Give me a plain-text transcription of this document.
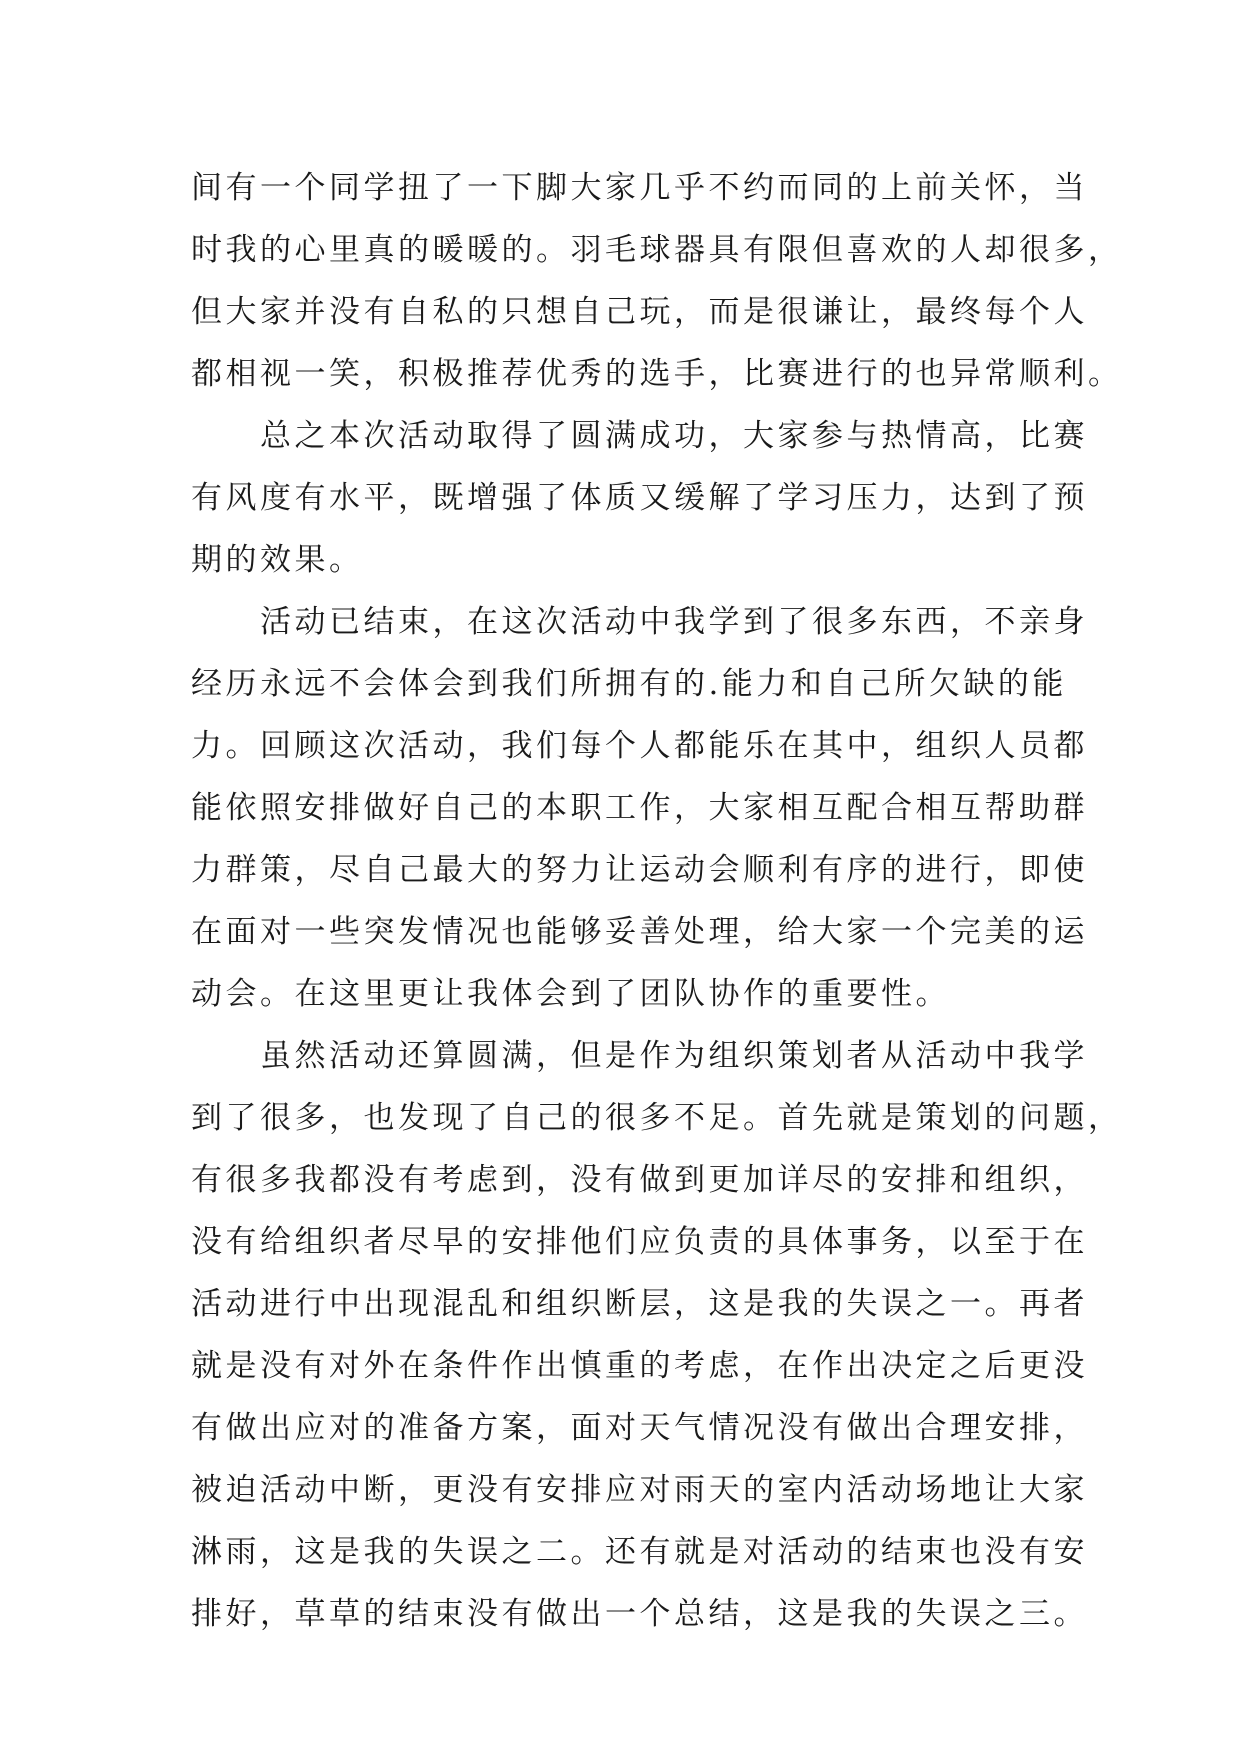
间有一个同学扭了一下脚大家几乎不约而同的上前关怀，当
时我的心里真的暖暖的。羽毛球器具有限但喜欢的人却很多，
但大家并没有自私的只想自己玩，而是很谦让，最终每个人
都相视一笑，积极推荐优秀的选手，比赛进行的也异常顺利。
　　总之本次活动取得了圆满成功，大家参与热情高，比赛
有风度有水平，既增强了体质又缓解了学习压力，达到了预
期的效果。
　　活动已结束，在这次活动中我学到了很多东西，不亲身
经历永远不会体会到我们所拥有的.能力和自己所欠缺的能
力。回顾这次活动，我们每个人都能乐在其中，组织人员都
能依照安排做好自己的本职工作，大家相互配合相互帮助群
力群策，尽自己最大的努力让运动会顺利有序的进行，即使
在面对一些突发情况也能够妥善处理，给大家一个完美的运
动会。在这里更让我体会到了团队协作的重要性。
　　虽然活动还算圆满，但是作为组织策划者从活动中我学
到了很多，也发现了自己的很多不足。首先就是策划的问题，
有很多我都没有考虑到，没有做到更加详尽的安排和组织，
没有给组织者尽早的安排他们应负责的具体事务，以至于在
活动进行中出现混乱和组织断层，这是我的失误之一。再者
就是没有对外在条件作出慎重的考虑，在作出决定之后更没
有做出应对的准备方案，面对天气情况没有做出合理安排，
被迫活动中断，更没有安排应对雨天的室内活动场地让大家
淋雨，这是我的失误之二。还有就是对活动的结束也没有安
排好，草草的结束没有做出一个总结，这是我的失误之三。
